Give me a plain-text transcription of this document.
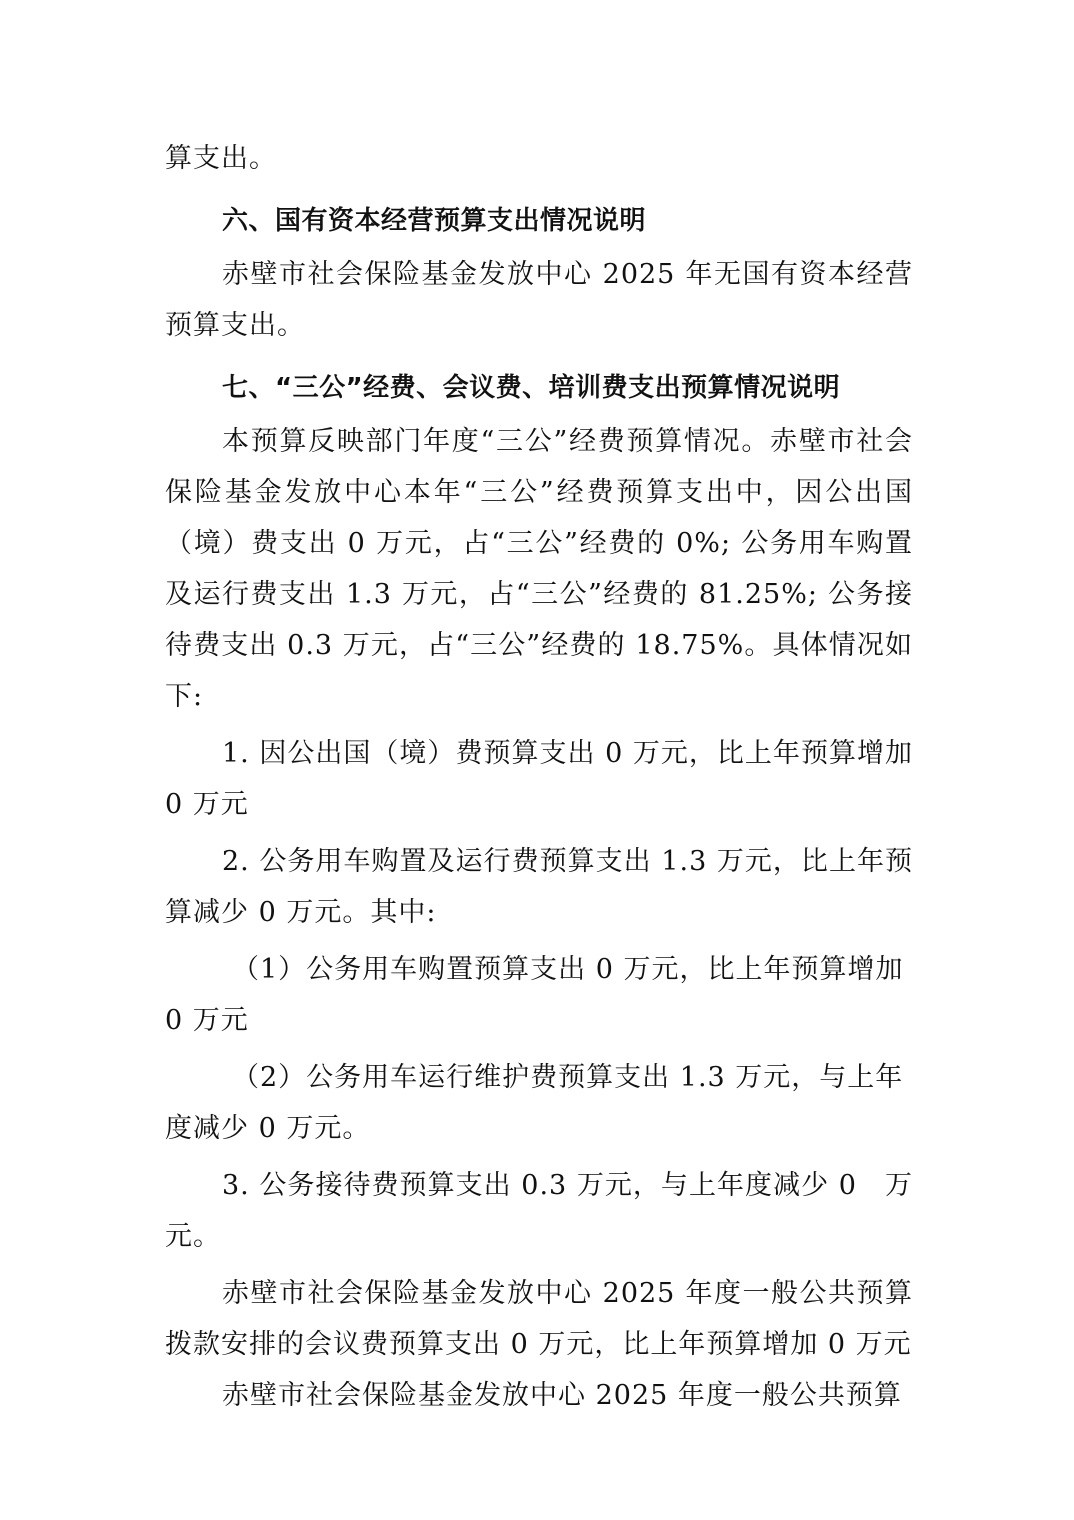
算支出。

六、国有资本经营预算支出情况说明

赤壁市社会保险基金发放中心 2025 年无国有资本经营预算支出。

七、“三公”经费、会议费、培训费支出预算情况说明

本预算反映部门年度“三公”经费预算情况。赤壁市社会保险基金发放中心本年“三公”经费预算支出中，因公出国（境）费支出 0 万元，占“三公”经费的 0%; 公务用车购置及运行费支出 1.3 万元，占“三公”经费的 81.25%; 公务接待费支出 0.3 万元，占“三公”经费的 18.75%。具体情况如下:

1. 因公出国（境）费预算支出 0 万元，比上年预算增加 0 万元

2. 公务用车购置及运行费预算支出 1.3 万元，比上年预算减少 0 万元。其中:

（1）公务用车购置预算支出 0 万元，比上年预算增加 0 万元

（2）公务用车运行维护费预算支出 1.3 万元，与上年度减少 0 万元。

3. 公务接待费预算支出 0.3 万元，与上年度减少 0　万元。

赤壁市社会保险基金发放中心 2025 年度一般公共预算拨款安排的会议费预算支出 0 万元，比上年预算增加 0 万元

赤壁市社会保险基金发放中心 2025 年度一般公共预算
